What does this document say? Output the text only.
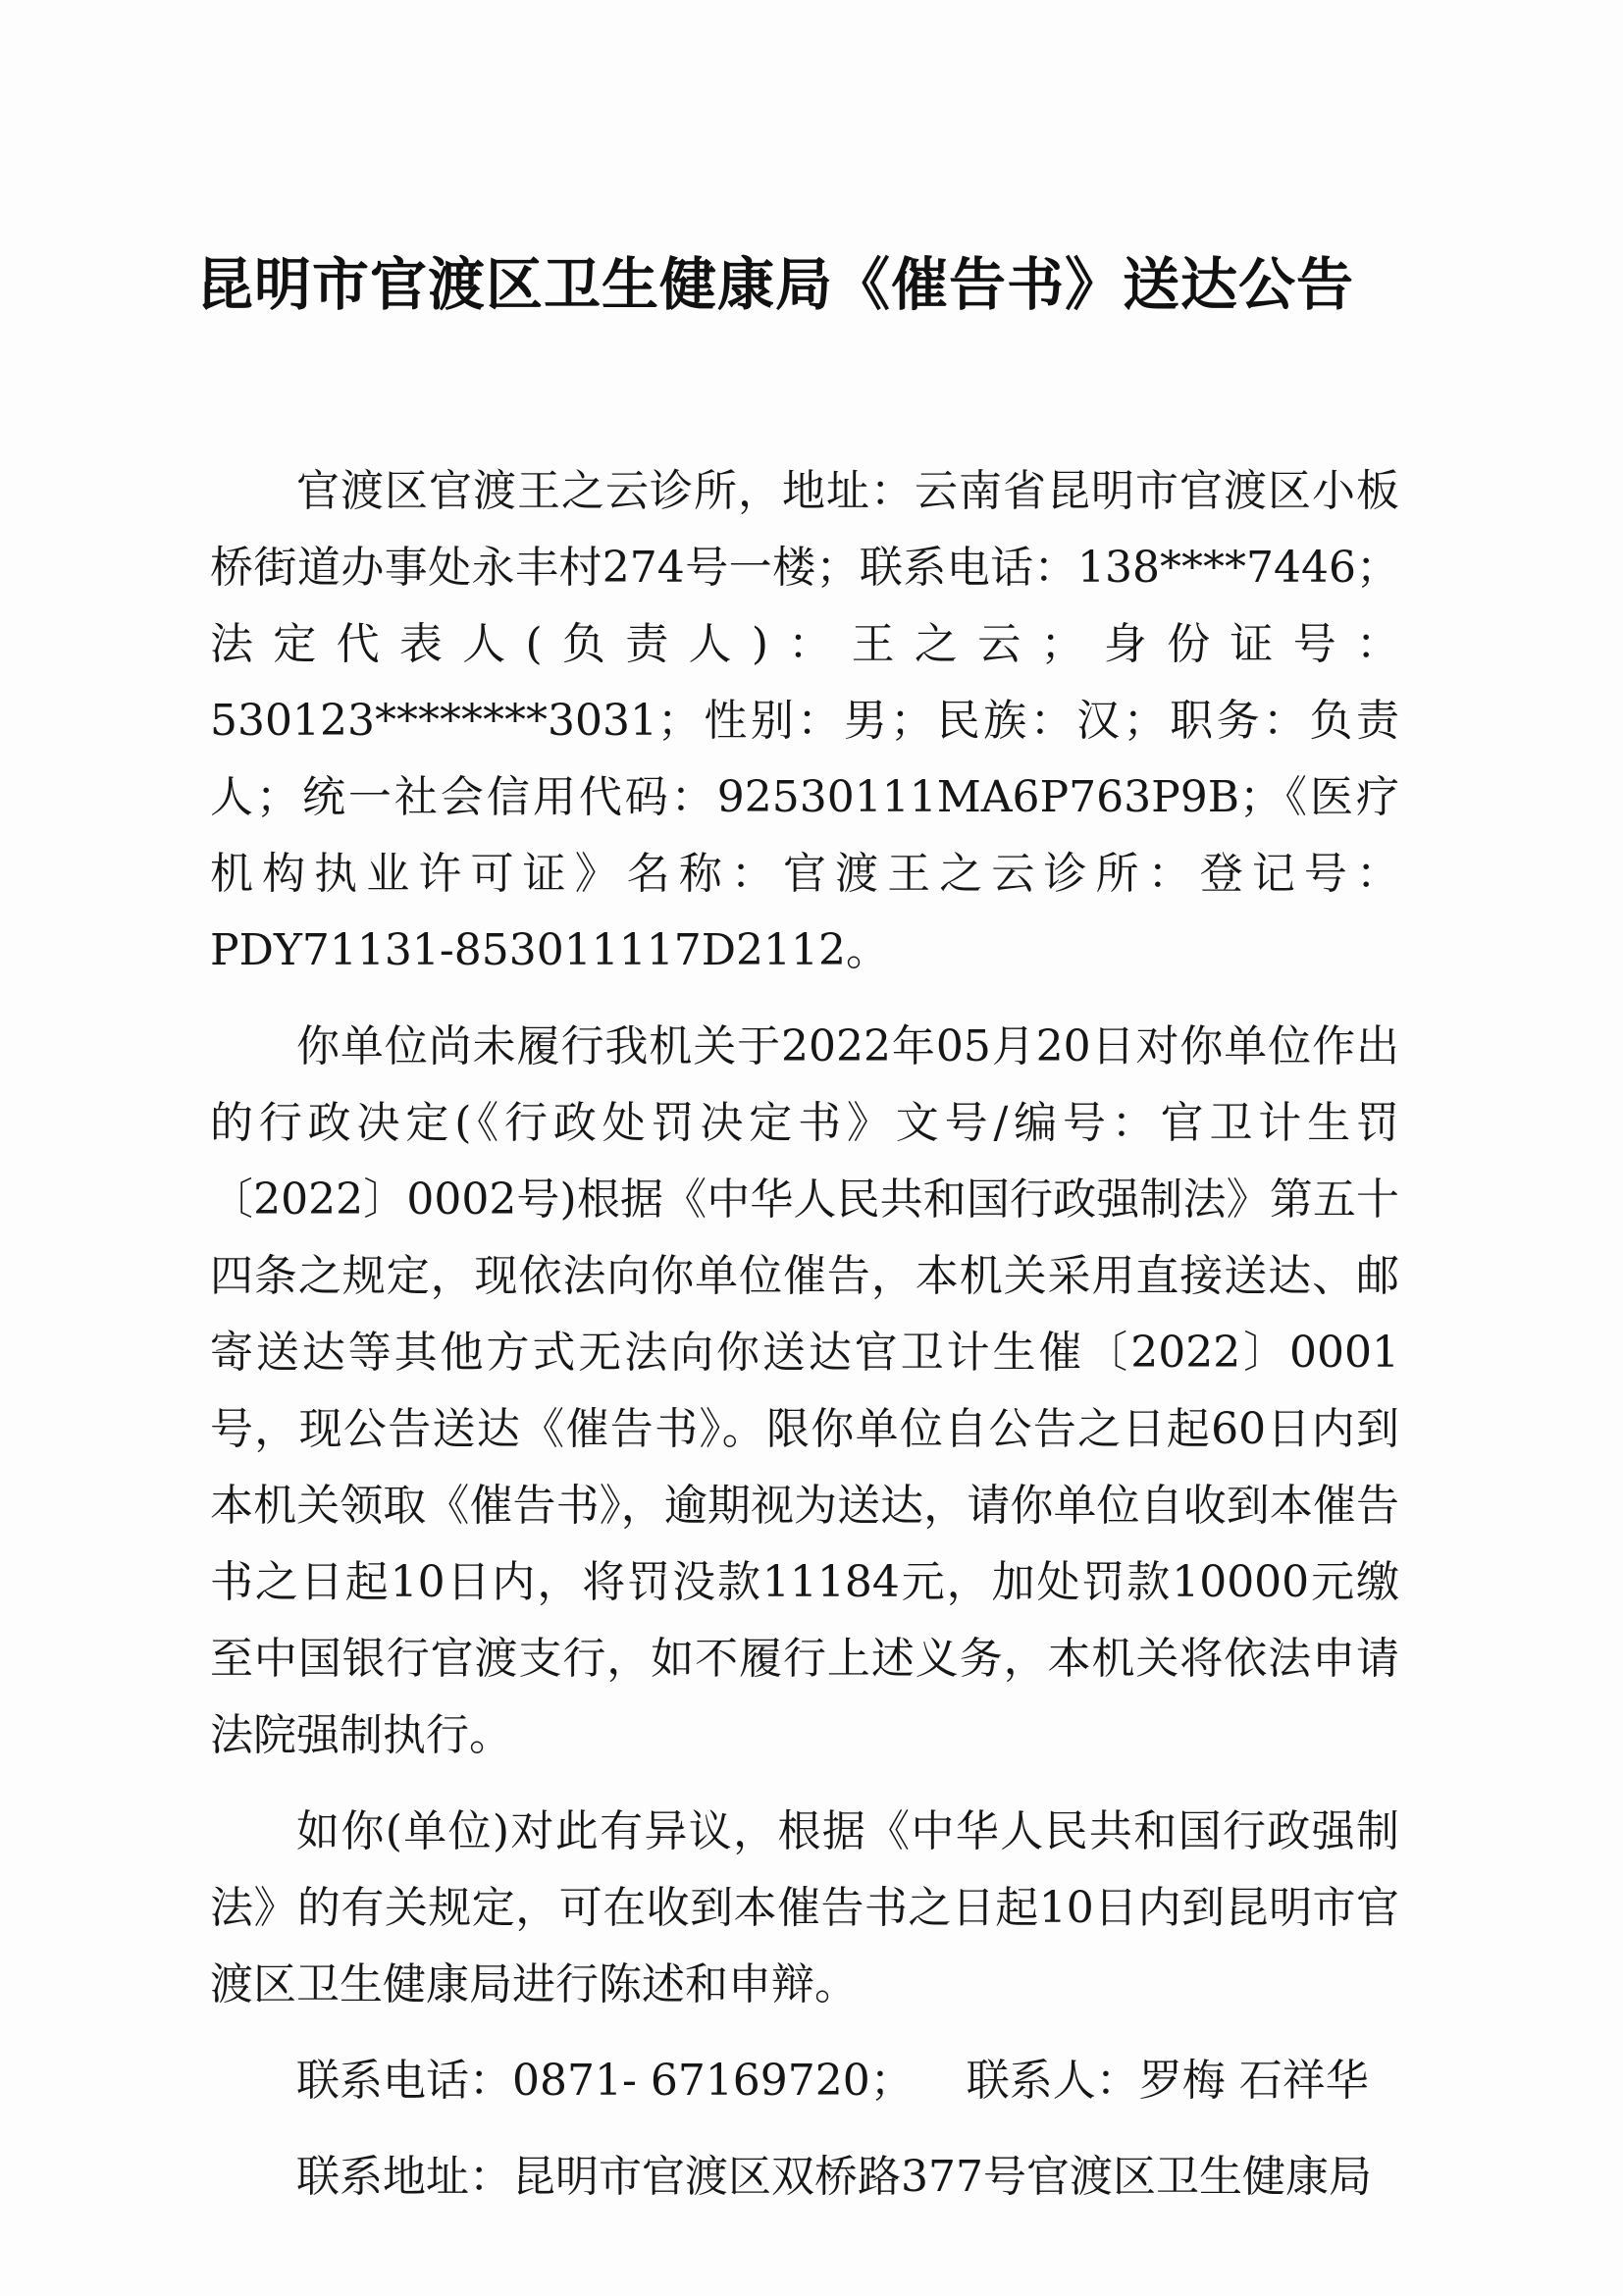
昆明市官渡区卫生健康局《催告书》送达公告

官渡区官渡王之云诊所，地址：云南省昆明市官渡区小板桥街道办事处永丰村274号一楼；联系电话：138****7446；法定代表人(负责人)：王之云；身份证号：530123********3031；性别：男；民族：汉；职务：负责人；统一社会信用代码：92530111MA6P763P9B；《医疗机构执业许可证》名称：官渡王之云诊所：登记号：PDY71131-853011117D2112。

你单位尚未履行我机关于2022年05月20日对你单位作出的行政决定(《行政处罚决定书》文号/编号：官卫计生罚〔2022〕0002号)根据《中华人民共和国行政强制法》第五十四条之规定，现依法向你单位催告，本机关采用直接送达、邮寄送达等其他方式无法向你送达官卫计生催〔2022〕0001号，现公告送达《催告书》。限你单位自公告之日起60日内到本机关领取《催告书》，逾期视为送达，请你单位自收到本催告书之日起10日内，将罚没款11184元，加处罚款10000元缴至中国银行官渡支行，如不履行上述义务，本机关将依法申请法院强制执行。

如你(单位)对此有异议，根据《中华人民共和国行政强制法》的有关规定，可在收到本催告书之日起10日内到昆明市官渡区卫生健康局进行陈述和申辩。

联系电话：0871- 67169720； 联系人：罗梅 石祥华

联系地址：昆明市官渡区双桥路377号官渡区卫生健康局
